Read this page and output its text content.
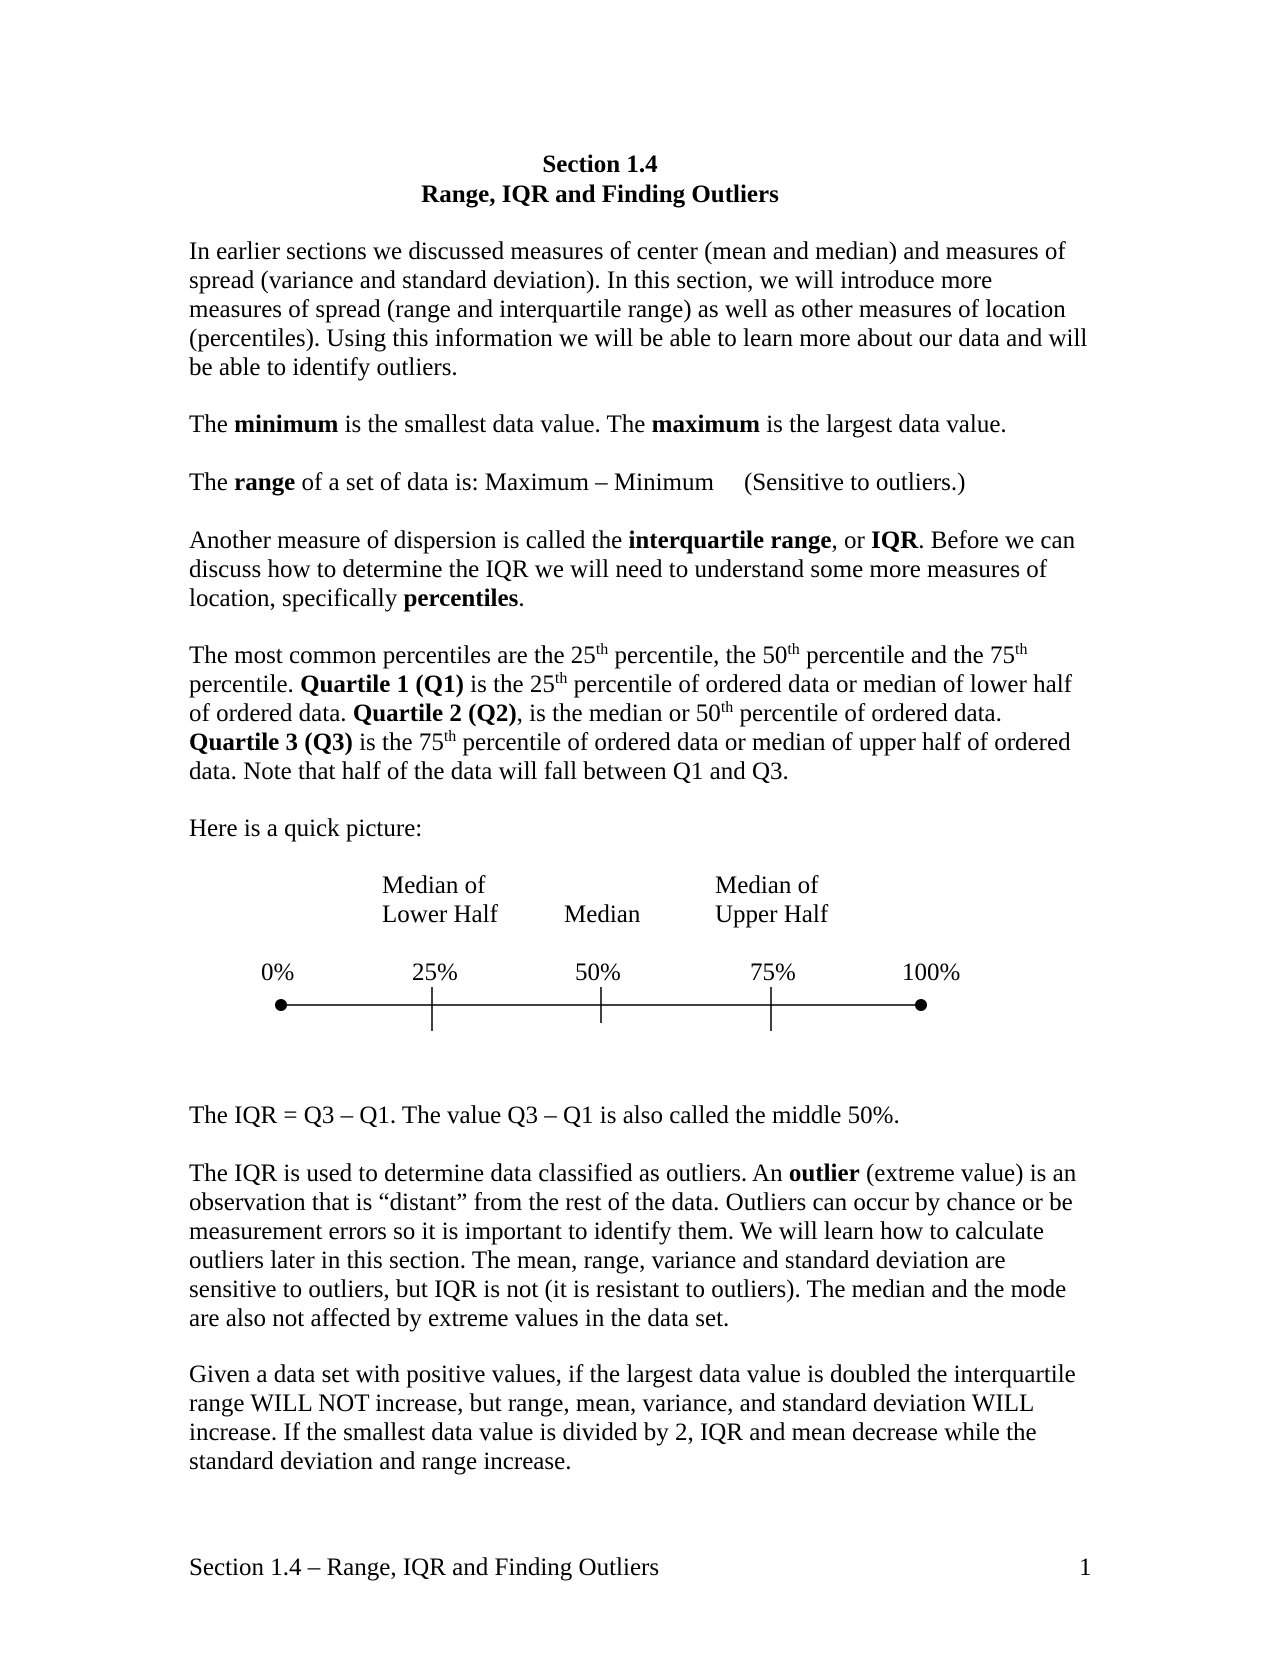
Section 1.4
Range, IQR and Finding Outliers

In earlier sections we discussed measures of center (mean and median) and measures of spread (variance and standard deviation). In this section, we will introduce more measures of spread (range and interquartile range) as well as other measures of location (percentiles). Using this information we will be able to learn more about our data and will be able to identify outliers.

The minimum is the smallest data value. The maximum is the largest data value.

The range of a set of data is: Maximum – Minimum (Sensitive to outliers.)

Another measure of dispersion is called the interquartile range, or IQR. Before we can discuss how to determine the IQR we will need to understand some more measures of location, specifically percentiles.

The most common percentiles are the 25th percentile, the 50th percentile and the 75th percentile. Quartile 1 (Q1) is the 25th percentile of ordered data or median of lower half of ordered data. Quartile 2 (Q2), is the median or 50th percentile of ordered data. Quartile 3 (Q3) is the 75th percentile of ordered data or median of upper half of ordered data. Note that half of the data will fall between Q1 and Q3.

Here is a quick picture:

Median of
Lower Half	Median
Median of
Upper Half
0%	25%	50%	75%	100%

The IQR = Q3 – Q1. The value Q3 – Q1 is also called the middle 50%.

The IQR is used to determine data classified as outliers. An outlier (extreme value) is an observation that is “distant” from the rest of the data. Outliers can occur by chance or be measurement errors so it is important to identify them. We will learn how to calculate outliers later in this section. The mean, range, variance and standard deviation are sensitive to outliers, but IQR is not (it is resistant to outliers). The median and the mode are also not affected by extreme values in the data set.

Given a data set with positive values, if the largest data value is doubled the interquartile range WILL NOT increase, but range, mean, variance, and standard deviation WILL increase. If the smallest data value is divided by 2, IQR and mean decrease while the standard deviation and range increase.

Section 1.4 – Range, IQR and Finding Outliers	1
